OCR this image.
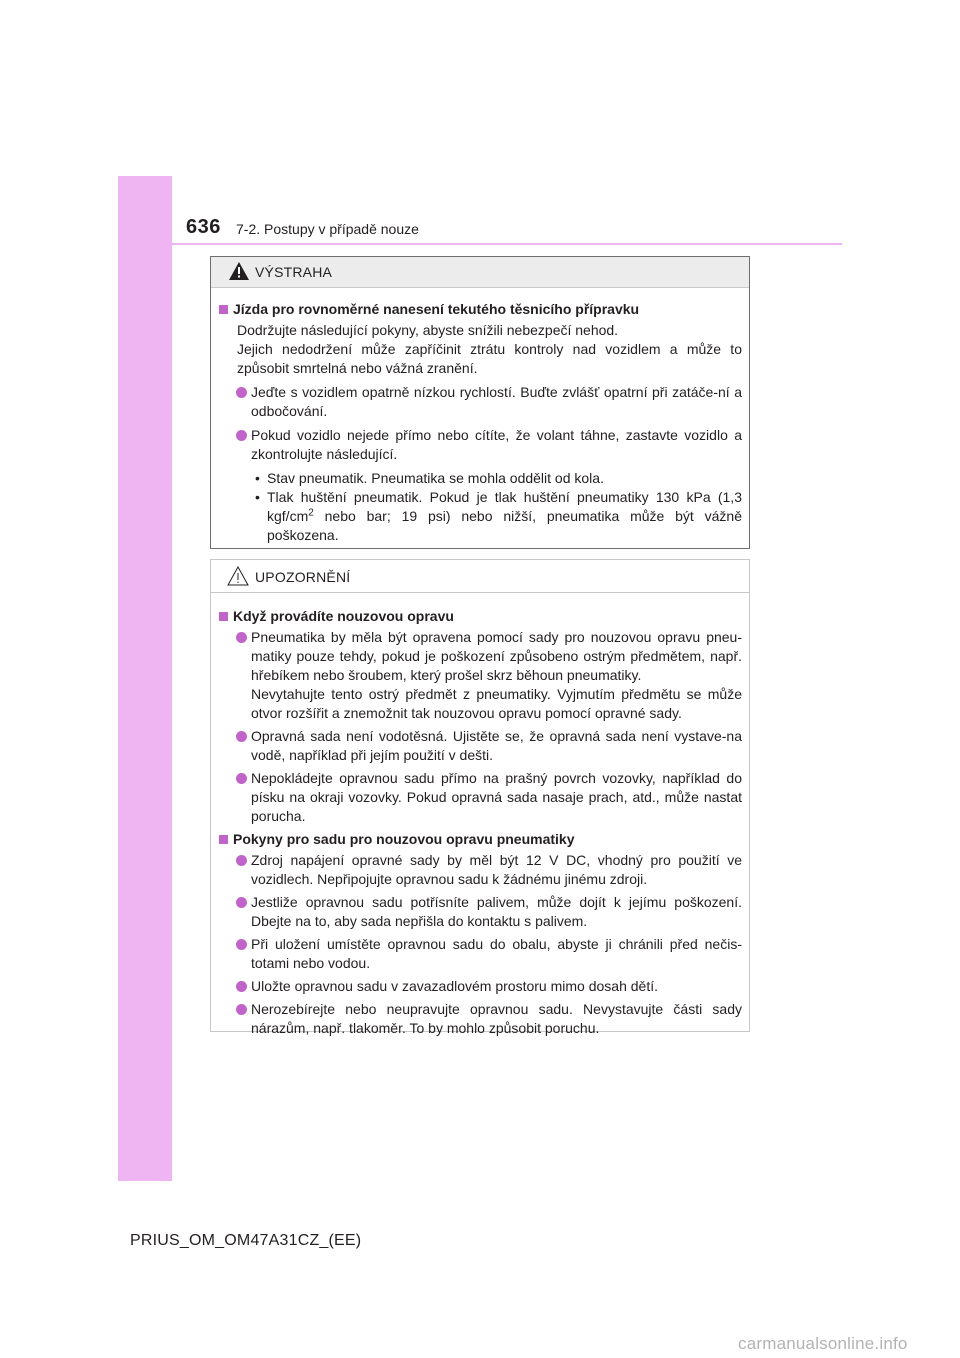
636 7-2. Postupy v případě nouze
VÝSTRAHA
Jízda pro rovnoměrné nanesení tekutého těsnicího přípravku
Dodržujte následující pokyny, abyste snížili nebezpečí nehod.
Jejich nedodržení může zapříčinit ztrátu kontroly nad vozidlem a může to způsobit smrtelná nebo vážná zranění.
Jeďte s vozidlem opatrně nízkou rychlostí. Buďte zvlášť opatrní při zatáče-ní a odbočování.
Pokud vozidlo nejede přímo nebo cítíte, že volant táhne, zastavte vozidlo a zkontrolujte následující.
• Stav pneumatik. Pneumatika se mohla oddělit od kola.
• Tlak huštění pneumatik. Pokud je tlak huštění pneumatiky 130 kPa (1,3 kgf/$cm^2$ nebo bar; 19 psi) nebo nižší, pneumatika může být vážně poškozena.
UPOZORNĚNÍ
Když provádíte nouzovou opravu
Pneumatika by měla být opravena pomocí sady pro nouzovou opravu pneu-matiky pouze tehdy, pokud je poškození způsobeno ostrým předmětem, např. hřebíkem nebo šroubem, který prošel skrz běhoun pneumatiky.
Nevytahujte tento ostrý předmět z pneumatiky. Vyjmutím předmětu se může otvor rozšířit a znemožnit tak nouzovou opravu pomocí opravné sady.
Opravná sada není vodotěsná. Ujistěte se, že opravná sada není vystave-na vodě, například při jejím použití v dešti.
Nepokládejte opravnou sadu přímo na prašný povrch vozovky, například do písku na okraji vozovky. Pokud opravná sada nasaje prach, atd., může nastat porucha.
Pokyny pro sadu pro nouzovou opravu pneumatiky
Zdroj napájení opravné sady by měl být 12 V DC, vhodný pro použití ve vozidlech. Nepřipojujte opravnou sadu k žádnému jinému zdroji.
Jestliže opravnou sadu potřísníte palivem, může dojít k jejímu poškození. Dbejte na to, aby sada nepřišla do kontaktu s palivem.
Při uložení umístěte opravnou sadu do obalu, abyste ji chránili před nečis-totami nebo vodou.
Uložte opravnou sadu v zavazadlovém prostoru mimo dosah dětí.
Nerozebírejte nebo neupravujte opravnou sadu. Nevystavujte části sady nárazům, např. tlakoměr. To by mohlo způsobit poruchu.
PRIUS_OM_OM47A31CZ_(EE)
carmanualsonline.info
